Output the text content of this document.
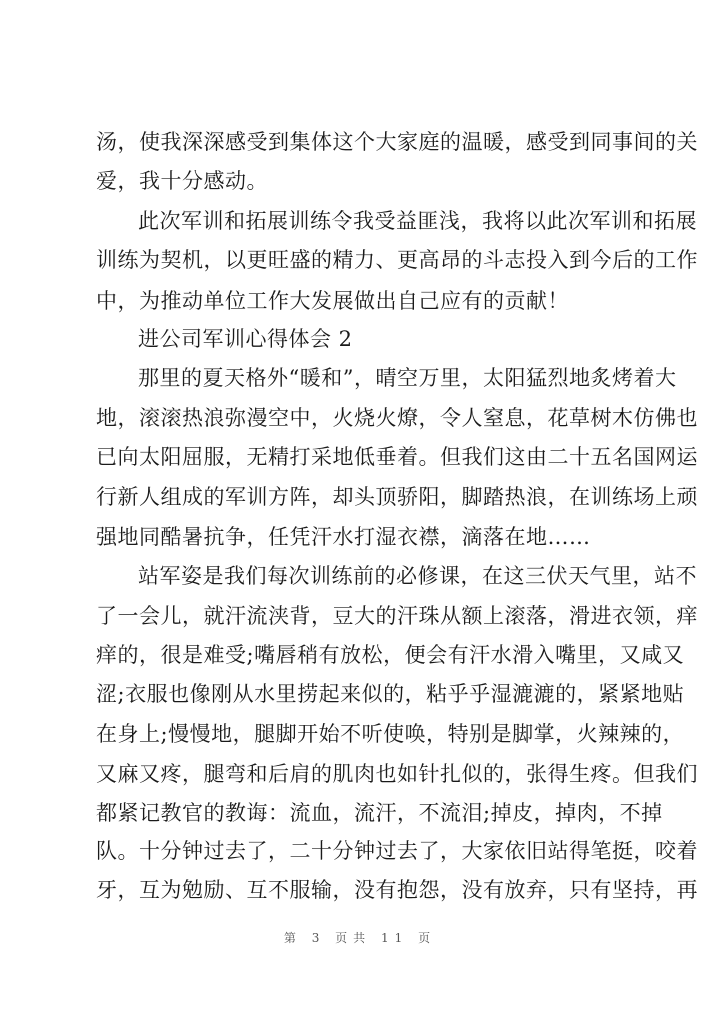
汤，使我深深感受到集体这个大家庭的温暖，感受到同事间的关
爱，我十分感动。
此次军训和拓展训练令我受益匪浅，我将以此次军训和拓展
训练为契机，以更旺盛的精力、更高昂的斗志投入到今后的工作
中，为推动单位工作大发展做出自己应有的贡献！
进公司军训心得体会 2
那里的夏天格外“暖和”，晴空万里，太阳猛烈地炙烤着大
地，滚滚热浪弥漫空中，火烧火燎，令人窒息，花草树木仿佛也
已向太阳屈服，无精打采地低垂着。但我们这由二十五名国网运
行新人组成的军训方阵，却头顶骄阳，脚踏热浪，在训练场上顽
强地同酷暑抗争，任凭汗水打湿衣襟，滴落在地……
站军姿是我们每次训练前的必修课，在这三伏天气里，站不
了一会儿，就汗流浃背，豆大的汗珠从额上滚落，滑进衣领，痒
痒的，很是难受;嘴唇稍有放松，便会有汗水滑入嘴里，又咸又
涩;衣服也像刚从水里捞起来似的，粘乎乎湿漉漉的，紧紧地贴
在身上;慢慢地，腿脚开始不听使唤，特别是脚掌，火辣辣的，
又麻又疼，腿弯和后肩的肌肉也如针扎似的，张得生疼。但我们
都紧记教官的教诲：流血，流汗，不流泪;掉皮，掉肉，不掉
队。十分钟过去了，二十分钟过去了，大家依旧站得笔挺，咬着
牙，互为勉励、互不服输，没有抱怨，没有放弃，只有坚持，再
第 3 页共 11 页
